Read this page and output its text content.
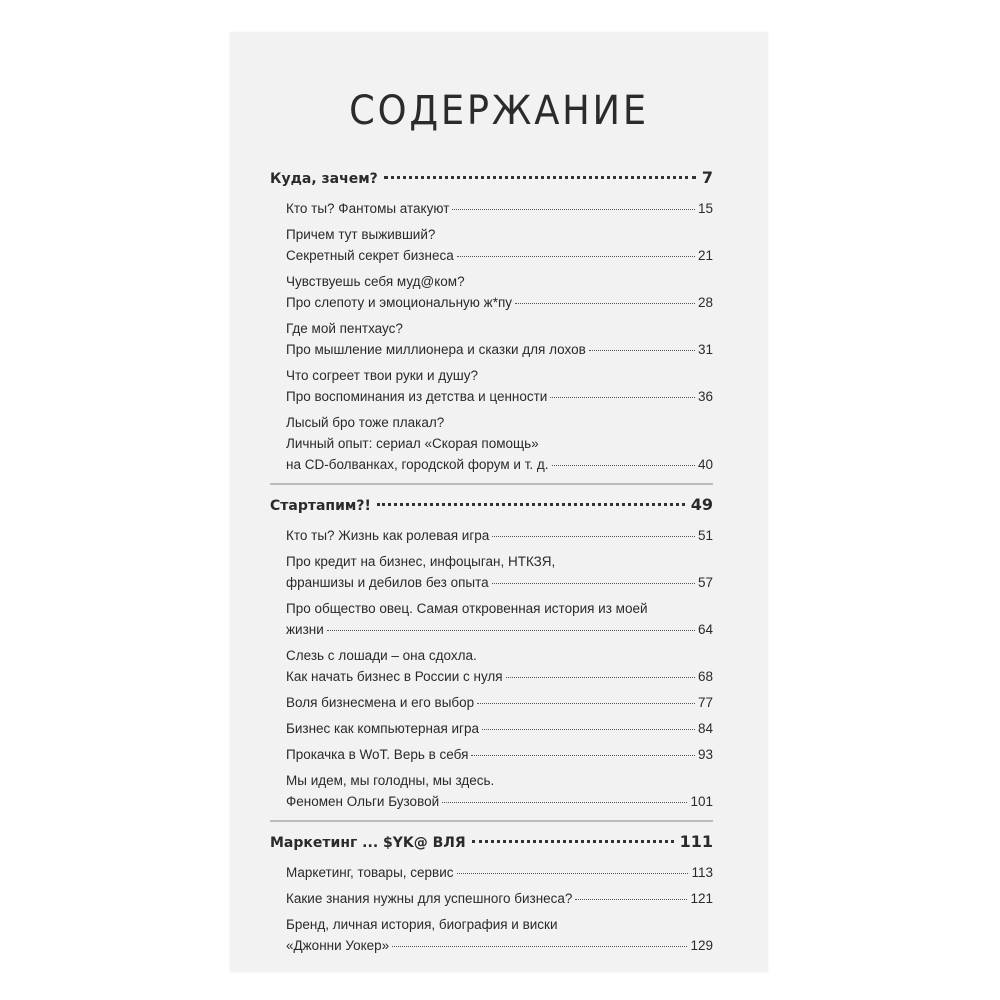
СОДЕРЖАНИЕ
Куда, зачем?	7
Кто ты? Фантомы атакуют	15
Причем тут выживший?
Секретный секрет бизнеса	21
Чувствуешь себя муд@ком?
Про слепоту и эмоциональную ж*пу	28
Где мой пентхаус?
Про мышление миллионера и сказки для лохов	31
Что согреет твои руки и душу?
Про воспоминания из детства и ценности	36
Лысый бро тоже плакал?
Личный опыт: сериал «Скорая помощь»
на CD-болванках, городской форум и т. д.	40
Стартапим?!	49
Кто ты? Жизнь как ролевая игра	51
Про кредит на бизнес, инфоцыган, НТКЗЯ,
франшизы и дебилов без опыта	57
Про общество овец. Самая откровенная история из моей
жизни	64
Слезь с лошади – она сдохла.
Как начать бизнес в России с нуля	68
Воля бизнесмена и его выбор	77
Бизнес как компьютерная игра	84
Прокачка в WoT. Верь в себя	93
Мы идем, мы голодны, мы здесь.
Феномен Ольги Бузовой	101
Маркетинг ... $YK@ ВЛЯ	111
Маркетинг, товары, сервис	113
Какие знания нужны для успешного бизнеса?	121
Бренд, личная история, биография и виски
«Джонни Уокер»	129
